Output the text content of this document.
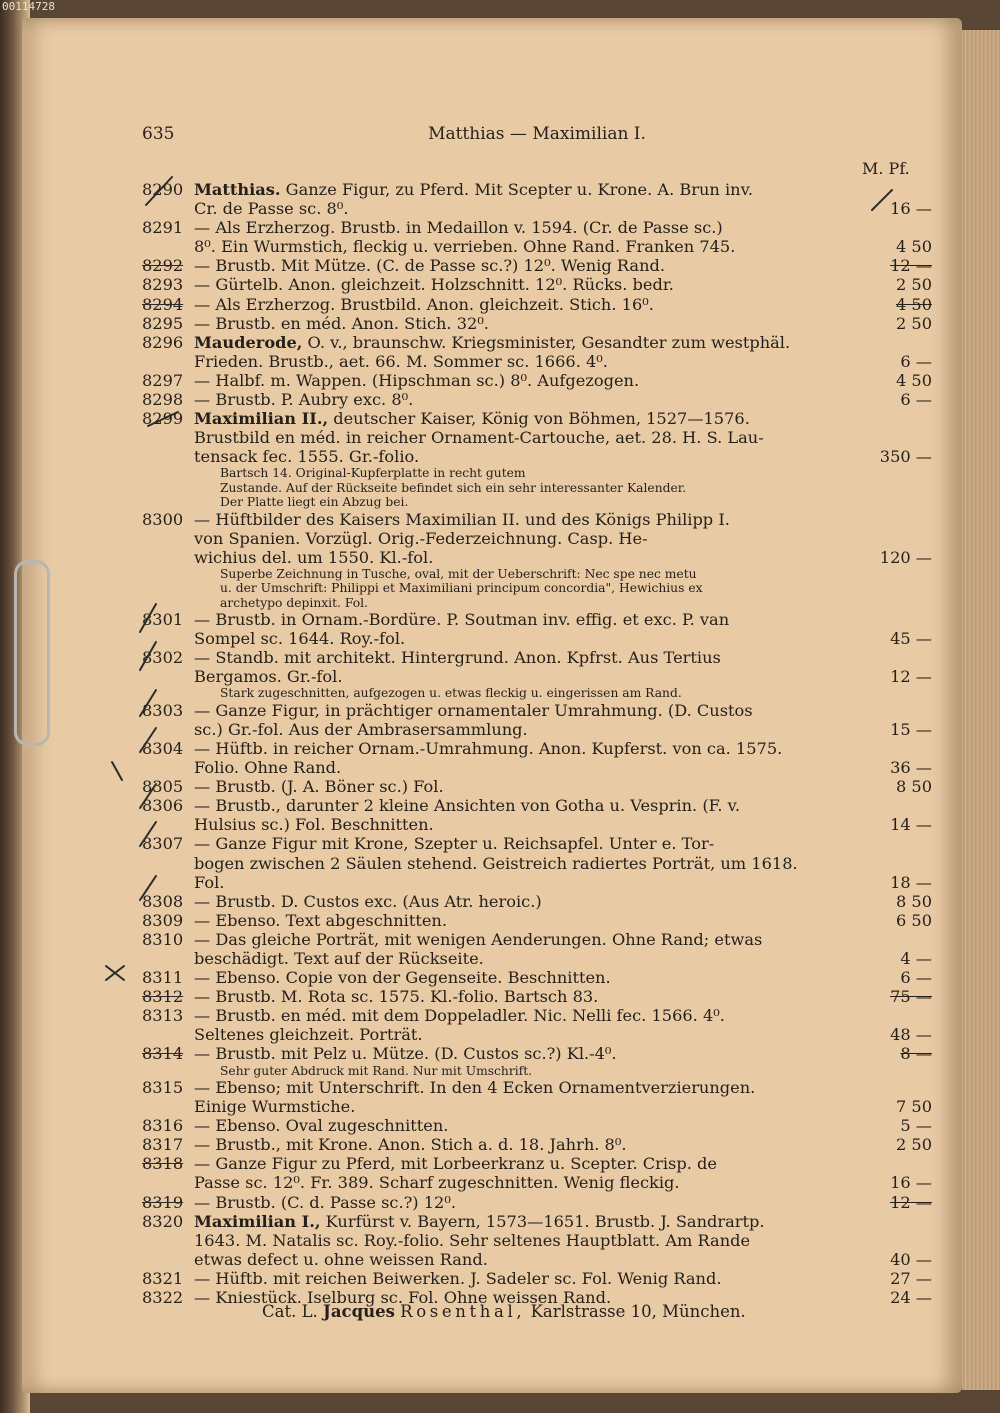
00114728
635	Matthias — Maximilian I.
M. Pf.
8290 Matthias. Ganze Figur, zu Pferd. Mit Scepter u. Krone. A. Brun inv.
Cr. de Passe sc. 8⁰.	16 —
8291 — Als Erzherzog. Brustb. in Medaillon v. 1594. (Cr. de Passe sc.)
8⁰. Ein Wurmstich, fleckig u. verrieben. Ohne Rand. Franken 745.	4 50
8292 — Brustb. Mit Mütze. (C. de Passe sc.?) 12⁰. Wenig Rand.	12 —
8293 — Gürtelb. Anon. gleichzeit. Holzschnitt. 12⁰. Rücks. bedr.	2 50
8294 — Als Erzherzog. Brustbild. Anon. gleichzeit. Stich. 16⁰.	4 50
8295 — Brustb. en méd. Anon. Stich. 32⁰.	2 50
8296 Mauderode, O. v., braunschw. Kriegsminister, Gesandter zum westphäl.
Frieden. Brustb., aet. 66. M. Sommer sc. 1666. 4⁰.	6 —
8297 — Halbf. m. Wappen. (Hipschman sc.) 8⁰. Aufgezogen.	4 50
8298 — Brustb. P. Aubry exc. 8⁰.	6 —
8299 Maximilian II., deutscher Kaiser, König von Böhmen, 1527—1576.
Brustbild en méd. in reicher Ornament-Cartouche, aet. 28. H. S. Lau-
tensack fec. 1555. Gr.-folio.	350 —
Bartsch 14. Original-Kupferplatte in recht gutem
Zustande. Auf der Rückseite befindet sich ein sehr interessanter Kalender.
Der Platte liegt ein Abzug bei.
8300 — Hüftbilder des Kaisers Maximilian II. und des Königs Philipp I.
von Spanien. Vorzügl. Orig.-Federzeichnung. Casp. He-
wichius del. um 1550. Kl.-fol.	120 —
Superbe Zeichnung in Tusche, oval, mit der Ueberschrift: Nec spe nec metu
u. der Umschrift: Philippi et Maximiliani principum concordia", Hewichius ex
archetypo depinxit. Fol.
8301 — Brustb. in Ornam.-Bordüre. P. Soutman inv. effig. et exc. P. van
Sompel sc. 1644. Roy.-fol.	45 —
8302 — Standb. mit architekt. Hintergrund. Anon. Kpfrst. Aus Tertius
Bergamos. Gr.-fol.	12 —
Stark zugeschnitten, aufgezogen u. etwas fleckig u. eingerissen am Rand.
8303 — Ganze Figur, in prächtiger ornamentaler Umrahmung. (D. Custos
sc.) Gr.-fol. Aus der Ambrasersammlung.	15 —
8304 — Hüftb. in reicher Ornam.-Umrahmung. Anon. Kupferst. von ca. 1575.
Folio. Ohne Rand.	36 —
8305 — Brustb. (J. A. Böner sc.) Fol.	8 50
8306 — Brustb., darunter 2 kleine Ansichten von Gotha u. Vesprin. (F. v.
Hulsius sc.) Fol. Beschnitten.	14 —
8307 — Ganze Figur mit Krone, Szepter u. Reichsapfel. Unter e. Tor-
bogen zwischen 2 Säulen stehend. Geistreich radiertes Porträt, um 1618.
Fol.	18 —
8308 — Brustb. D. Custos exc. (Aus Atr. heroic.)	8 50
8309 — Ebenso. Text abgeschnitten.	6 50
8310 — Das gleiche Porträt, mit wenigen Aenderungen. Ohne Rand; etwas
beschädigt. Text auf der Rückseite.	4 —
8311 — Ebenso. Copie von der Gegenseite. Beschnitten.	6 —
8312 — Brustb. M. Rota sc. 1575. Kl.-folio. Bartsch 83.	75 —
8313 — Brustb. en méd. mit dem Doppeladler. Nic. Nelli fec. 1566. 4⁰.
Seltenes gleichzeit. Porträt.	48 —
8314 — Brustb. mit Pelz u. Mütze. (D. Custos sc.?) Kl.-4⁰.	8 —
Sehr guter Abdruck mit Rand. Nur mit Umschrift.
8315 — Ebenso; mit Unterschrift. In den 4 Ecken Ornamentverzierungen.
Einige Wurmstiche.	7 50
8316 — Ebenso. Oval zugeschnitten.	5 —
8317 — Brustb., mit Krone. Anon. Stich a. d. 18. Jahrh. 8⁰.	2 50
8318 — Ganze Figur zu Pferd, mit Lorbeerkranz u. Scepter. Crisp. de
Passe sc. 12⁰. Fr. 389. Scharf zugeschnitten. Wenig fleckig.	16 —
8319 — Brustb. (C. d. Passe sc.?) 12⁰.	12 —
8320 Maximilian I., Kurfürst v. Bayern, 1573—1651. Brustb. J. Sandrartp.
1643. M. Natalis sc. Roy.-folio. Sehr seltenes Hauptblatt. Am Rande
etwas defect u. ohne weissen Rand.	40 —
8321 — Hüftb. mit reichen Beiwerken. J. Sadeler sc. Fol. Wenig Rand.	27 —
8322 — Kniestück. Iselburg sc. Fol. Ohne weissen Rand.	24 —
Cat. L. Jacques Rosenthal, Karlstrasse 10, München.
